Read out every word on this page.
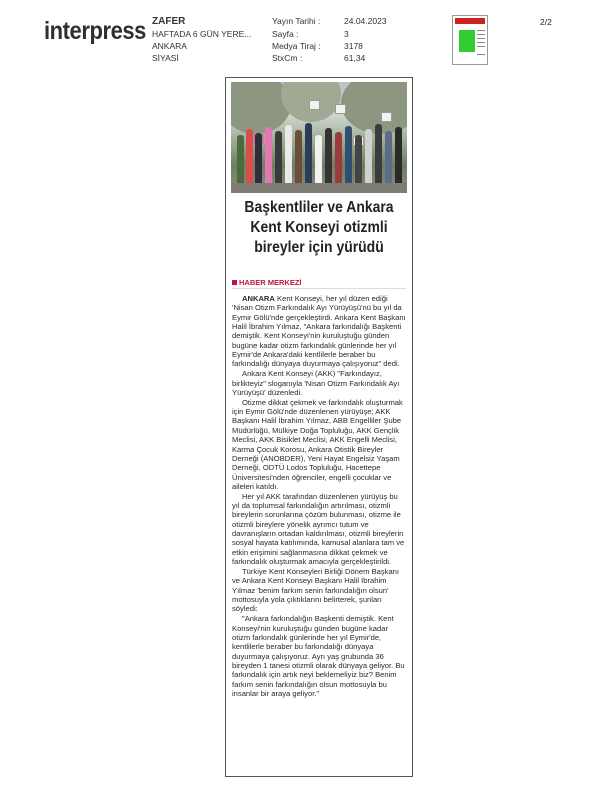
interpress ZAFER
HAFTADA 6 GÜN YERE...
ANKARA
SİYASİ
Yayın Tarihi :
Sayfa :
Medya Tiraj :
StxCm :
24.04.2023
3
3178
61,34
2/2
Başkentliler ve Ankara Kent Konseyi otizmli bireyler için yürüdü
HABER MERKEZİ

ANKARA Kent Konseyi, her yıl düzen ediği 'Nisan Otizm Farkındalık Ayı Yürüyüşü'nü bu yıl da Eymir Gölü'nde gerçekleştirdi. Ankara Kent Başkanı Halil İbrahim Yılmaz, "Ankara farkındalığı Başkenti demiştik. Kent Konseyi'nin kuruluştuğu günden bugüne kadar otizm farkındalık günlerinde her yıl Eymir'de Ankara'daki kentlilerle beraber bu farkındalığı dünyaya duyurmaya çalışıyoruz" dedi.

Ankara Kent Konseyi (AKK) "Farkındayız, birlikteyiz" sloganıyla 'Nisan Otizm Farkındalık Ayı Yürüyüşü' düzenledi.

Otizme dikkat çekmek ve farkındalık oluşturmak için Eymir Gölü'nde düzenlenen yürüyüşe; AKK Başkanı Halil İbrahim Yılmaz, ABB Engelliler Şube Müdürlüğü, Mülkiye Doğa Topluluğu, AKK Gençlik Meclisi, AKK Bisiklet Meclisi, AKK Engelli Meclisi, Karma Çocuk Korosu, Ankara Otistik Bireyler Derneği (ANOBDER), Yeni Hayat Engelsiz Yaşam Derneği, ODTÜ Lodos Topluluğu, Hacettepe Üniversitesi'nden öğrenciler, engelli çocuklar ve aileleri katıldı.

Her yıl AKK tarafından düzenlenen yürüyüş bu yıl da toplumsal farkındalığın artırılması, otizmli bireylerin sorunlarına çözüm bulunması, otizme ile otizmli bireylere yönelik ayrımcı tutum ve davranışların ortadan kaldırılması, otizmli bireylerin sosyal hayata katılımında, kamusal alanlara tam ve etkin erişimini sağlanmasına dikkat çekmek ve farkındalık oluşturmak amacıyla gerçekleştirildi.

Türkiye Kent Konseyleri Birliği Dönem Başkanı ve Ankara Kent Konseyi Başkanı Halil İbrahim Yılmaz 'benim farkım senin farkındalığın olsun' mottosuyla yola çıktıklarını belirterek, şunları söyledi:

"Ankara farkındalığın Başkenti demiştik. Kent Konseyi'nin kuruluştuğu günden bugüne kadar otizm farkındalık günlerinde her yıl Eymir'de, kentlilerle beraber bu farkındalığı dünyaya duyurmaya çalışıyoruz. Ayrı yaş grubunda 36 bireyden 1 tanesi otizmli olarak dünyaya geliyor. Bu farkındalık için artık neyi beklemeliyiz biz? Benim farkım senin farkındalığın olsun mottosuyla bu insanlar bir araya geliyor."
